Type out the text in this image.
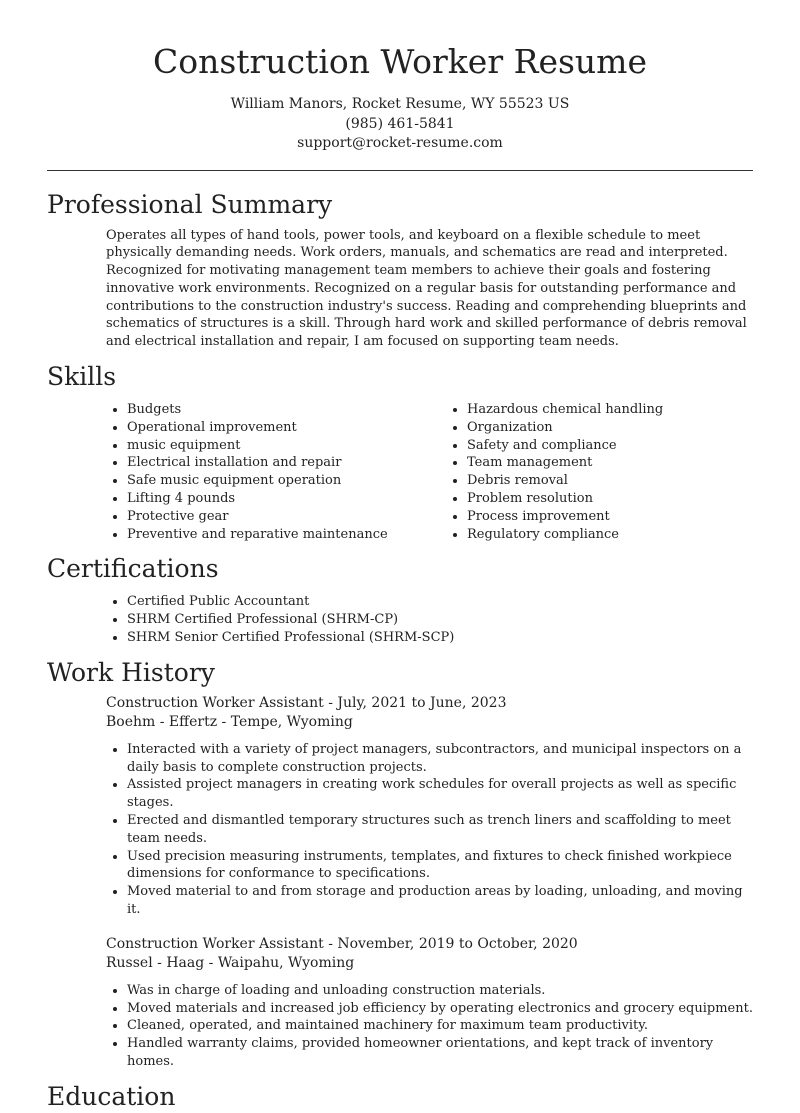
Construction Worker Resume
William Manors, Rocket Resume, WY 55523 US
(985) 461-5841
support@rocket-resume.com
Professional Summary
Operates all types of hand tools, power tools, and keyboard on a flexible schedule to meet physically demanding needs. Work orders, manuals, and schematics are read and interpreted. Recognized for motivating management team members to achieve their goals and fostering innovative work environments. Recognized on a regular basis for outstanding performance and contributions to the construction industry's success. Reading and comprehending blueprints and schematics of structures is a skill. Through hard work and skilled performance of debris removal and electrical installation and repair, I am focused on supporting team needs.
Skills
• Budgets
• Operational improvement
• music equipment
• Electrical installation and repair
• Safe music equipment operation
• Lifting 4 pounds
• Protective gear
• Preventive and reparative maintenance
• Hazardous chemical handling
• Organization
• Safety and compliance
• Team management
• Debris removal
• Problem resolution
• Process improvement
• Regulatory compliance
Certifications
• Certified Public Accountant
• SHRM Certified Professional (SHRM-CP)
• SHRM Senior Certified Professional (SHRM-SCP)
Work History
Construction Worker Assistant - July, 2021 to June, 2023
Boehm - Effertz - Tempe, Wyoming
• Interacted with a variety of project managers, subcontractors, and municipal inspectors on a daily basis to complete construction projects.
• Assisted project managers in creating work schedules for overall projects as well as specific stages.
• Erected and dismantled temporary structures such as trench liners and scaffolding to meet team needs.
• Used precision measuring instruments, templates, and fixtures to check finished workpiece dimensions for conformance to specifications.
• Moved material to and from storage and production areas by loading, unloading, and moving it.
Construction Worker Assistant - November, 2019 to October, 2020
Russel - Haag - Waipahu, Wyoming
• Was in charge of loading and unloading construction materials.
• Moved materials and increased job efficiency by operating electronics and grocery equipment.
• Cleaned, operated, and maintained machinery for maximum team productivity.
• Handled warranty claims, provided homeowner orientations, and kept track of inventory homes.
Education
